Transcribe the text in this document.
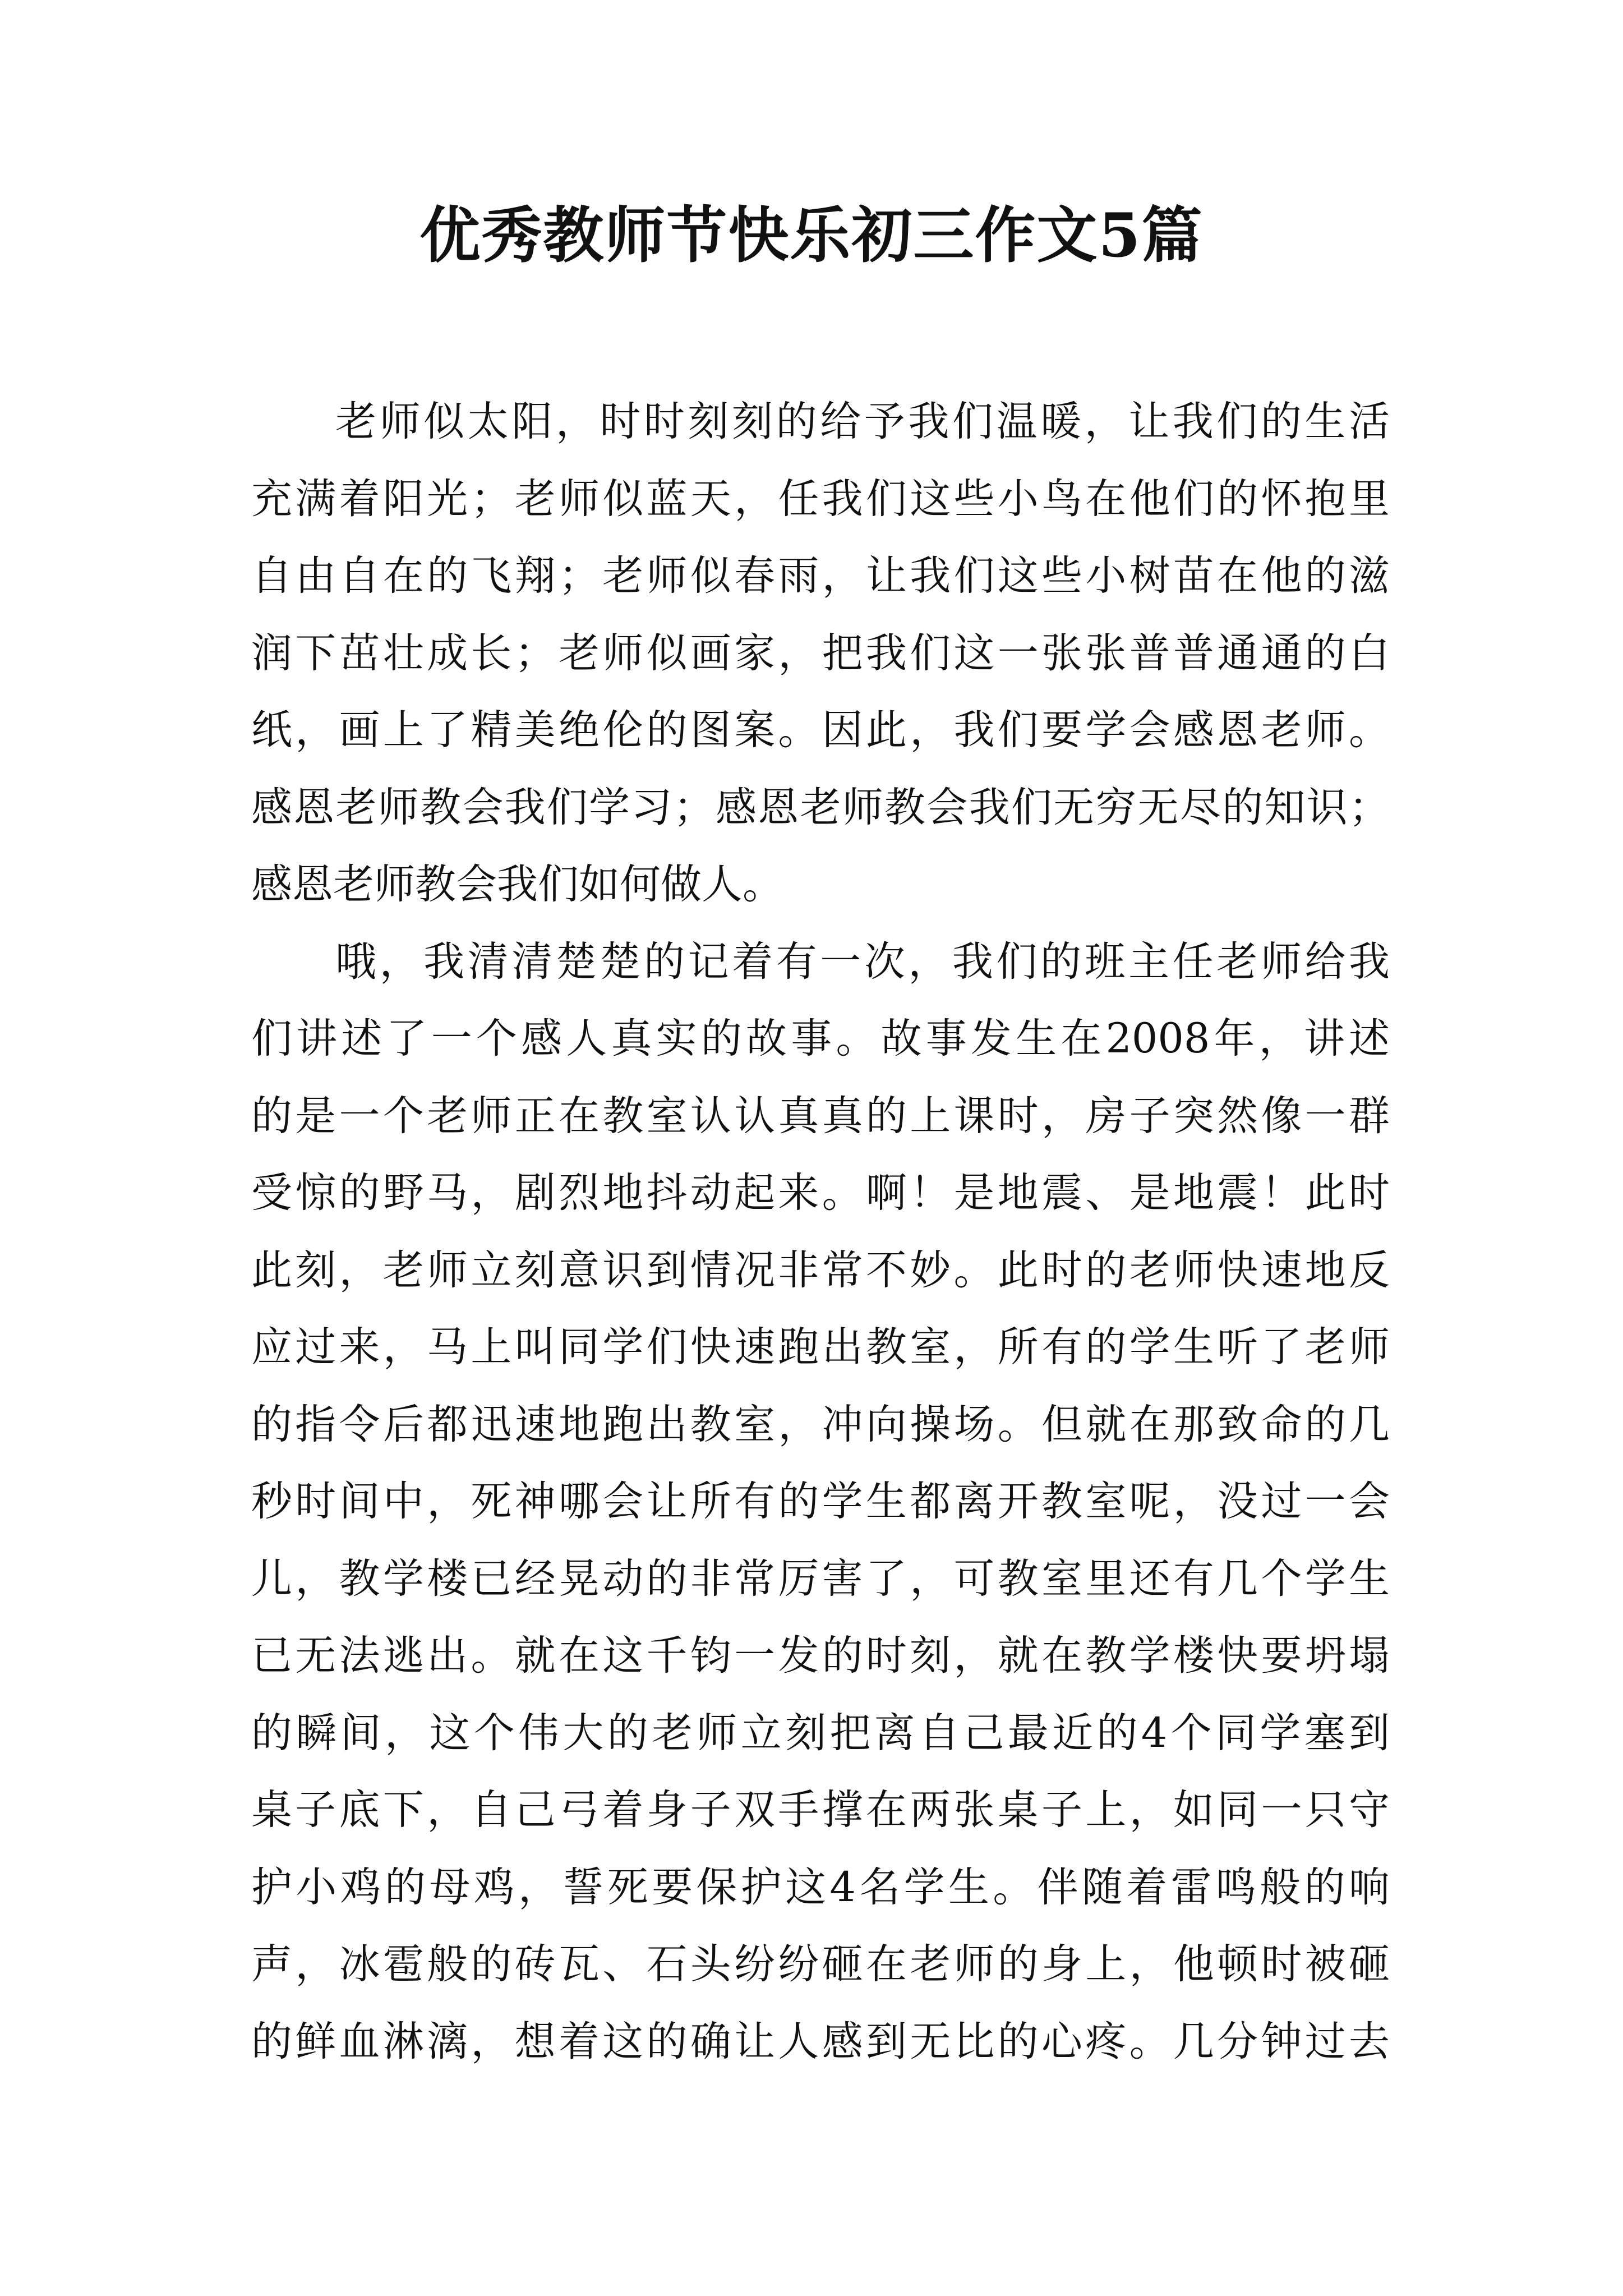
优秀教师节快乐初三作文5篇
老师似太阳，时时刻刻的给予我们温暖，让我们的生活
充满着阳光；老师似蓝天，任我们这些小鸟在他们的怀抱里
自由自在的飞翔；老师似春雨，让我们这些小树苗在他的滋
润下茁壮成长；老师似画家，把我们这一张张普普通通的白
纸，画上了精美绝伦的图案。因此，我们要学会感恩老师。
感恩老师教会我们学习；感恩老师教会我们无穷无尽的知识；
感恩老师教会我们如何做人。
哦，我清清楚楚的记着有一次，我们的班主任老师给我
们讲述了一个感人真实的故事。故事发生在2008年，讲述
的是一个老师正在教室认认真真的上课时，房子突然像一群
受惊的野马，剧烈地抖动起来。啊！是地震、是地震！此时
此刻，老师立刻意识到情况非常不妙。此时的老师快速地反
应过来，马上叫同学们快速跑出教室，所有的学生听了老师
的指令后都迅速地跑出教室，冲向操场。但就在那致命的几
秒时间中，死神哪会让所有的学生都离开教室呢，没过一会
儿，教学楼已经晃动的非常厉害了，可教室里还有几个学生
已无法逃出。就在这千钧一发的时刻，就在教学楼快要坍塌
的瞬间，这个伟大的老师立刻把离自己最近的4个同学塞到
桌子底下，自己弓着身子双手撑在两张桌子上，如同一只守
护小鸡的母鸡，誓死要保护这4名学生。伴随着雷鸣般的响
声，冰雹般的砖瓦、石头纷纷砸在老师的身上，他顿时被砸
的鲜血淋漓，想着这的确让人感到无比的心疼。几分钟过去
